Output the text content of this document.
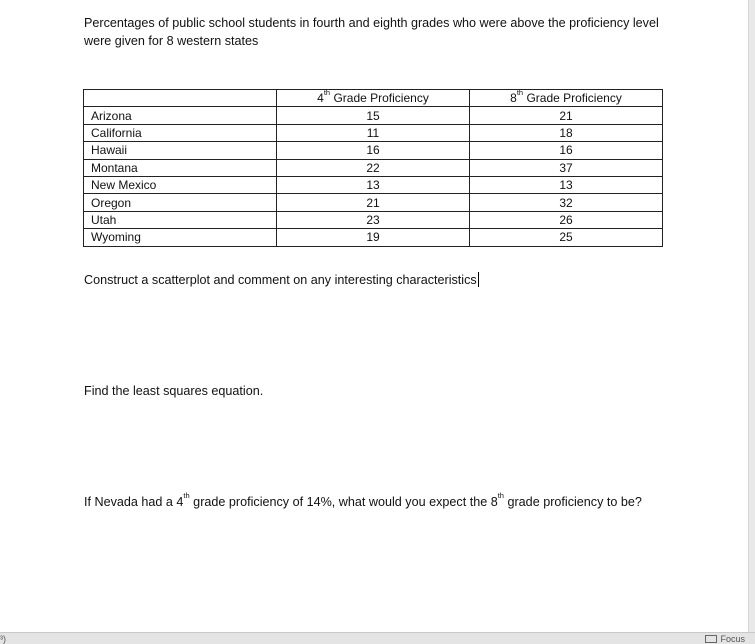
Percentages of public school students in fourth and eighth grades who were above the proficiency level were given for 8 western states
	4th Grade Proficiency	8th Grade Proficiency
Arizona	15	21
California	11	18
Hawaii	16	16
Montana	22	37
New Mexico	13	13
Oregon	21	32
Utah	23	26
Wyoming	19	25
Construct a scatterplot and comment on any interesting characteristics
Find the least squares equation.
If Nevada had a 4th grade proficiency of 14%, what would you expect the 8th grade proficiency to be?
³)	Focus
